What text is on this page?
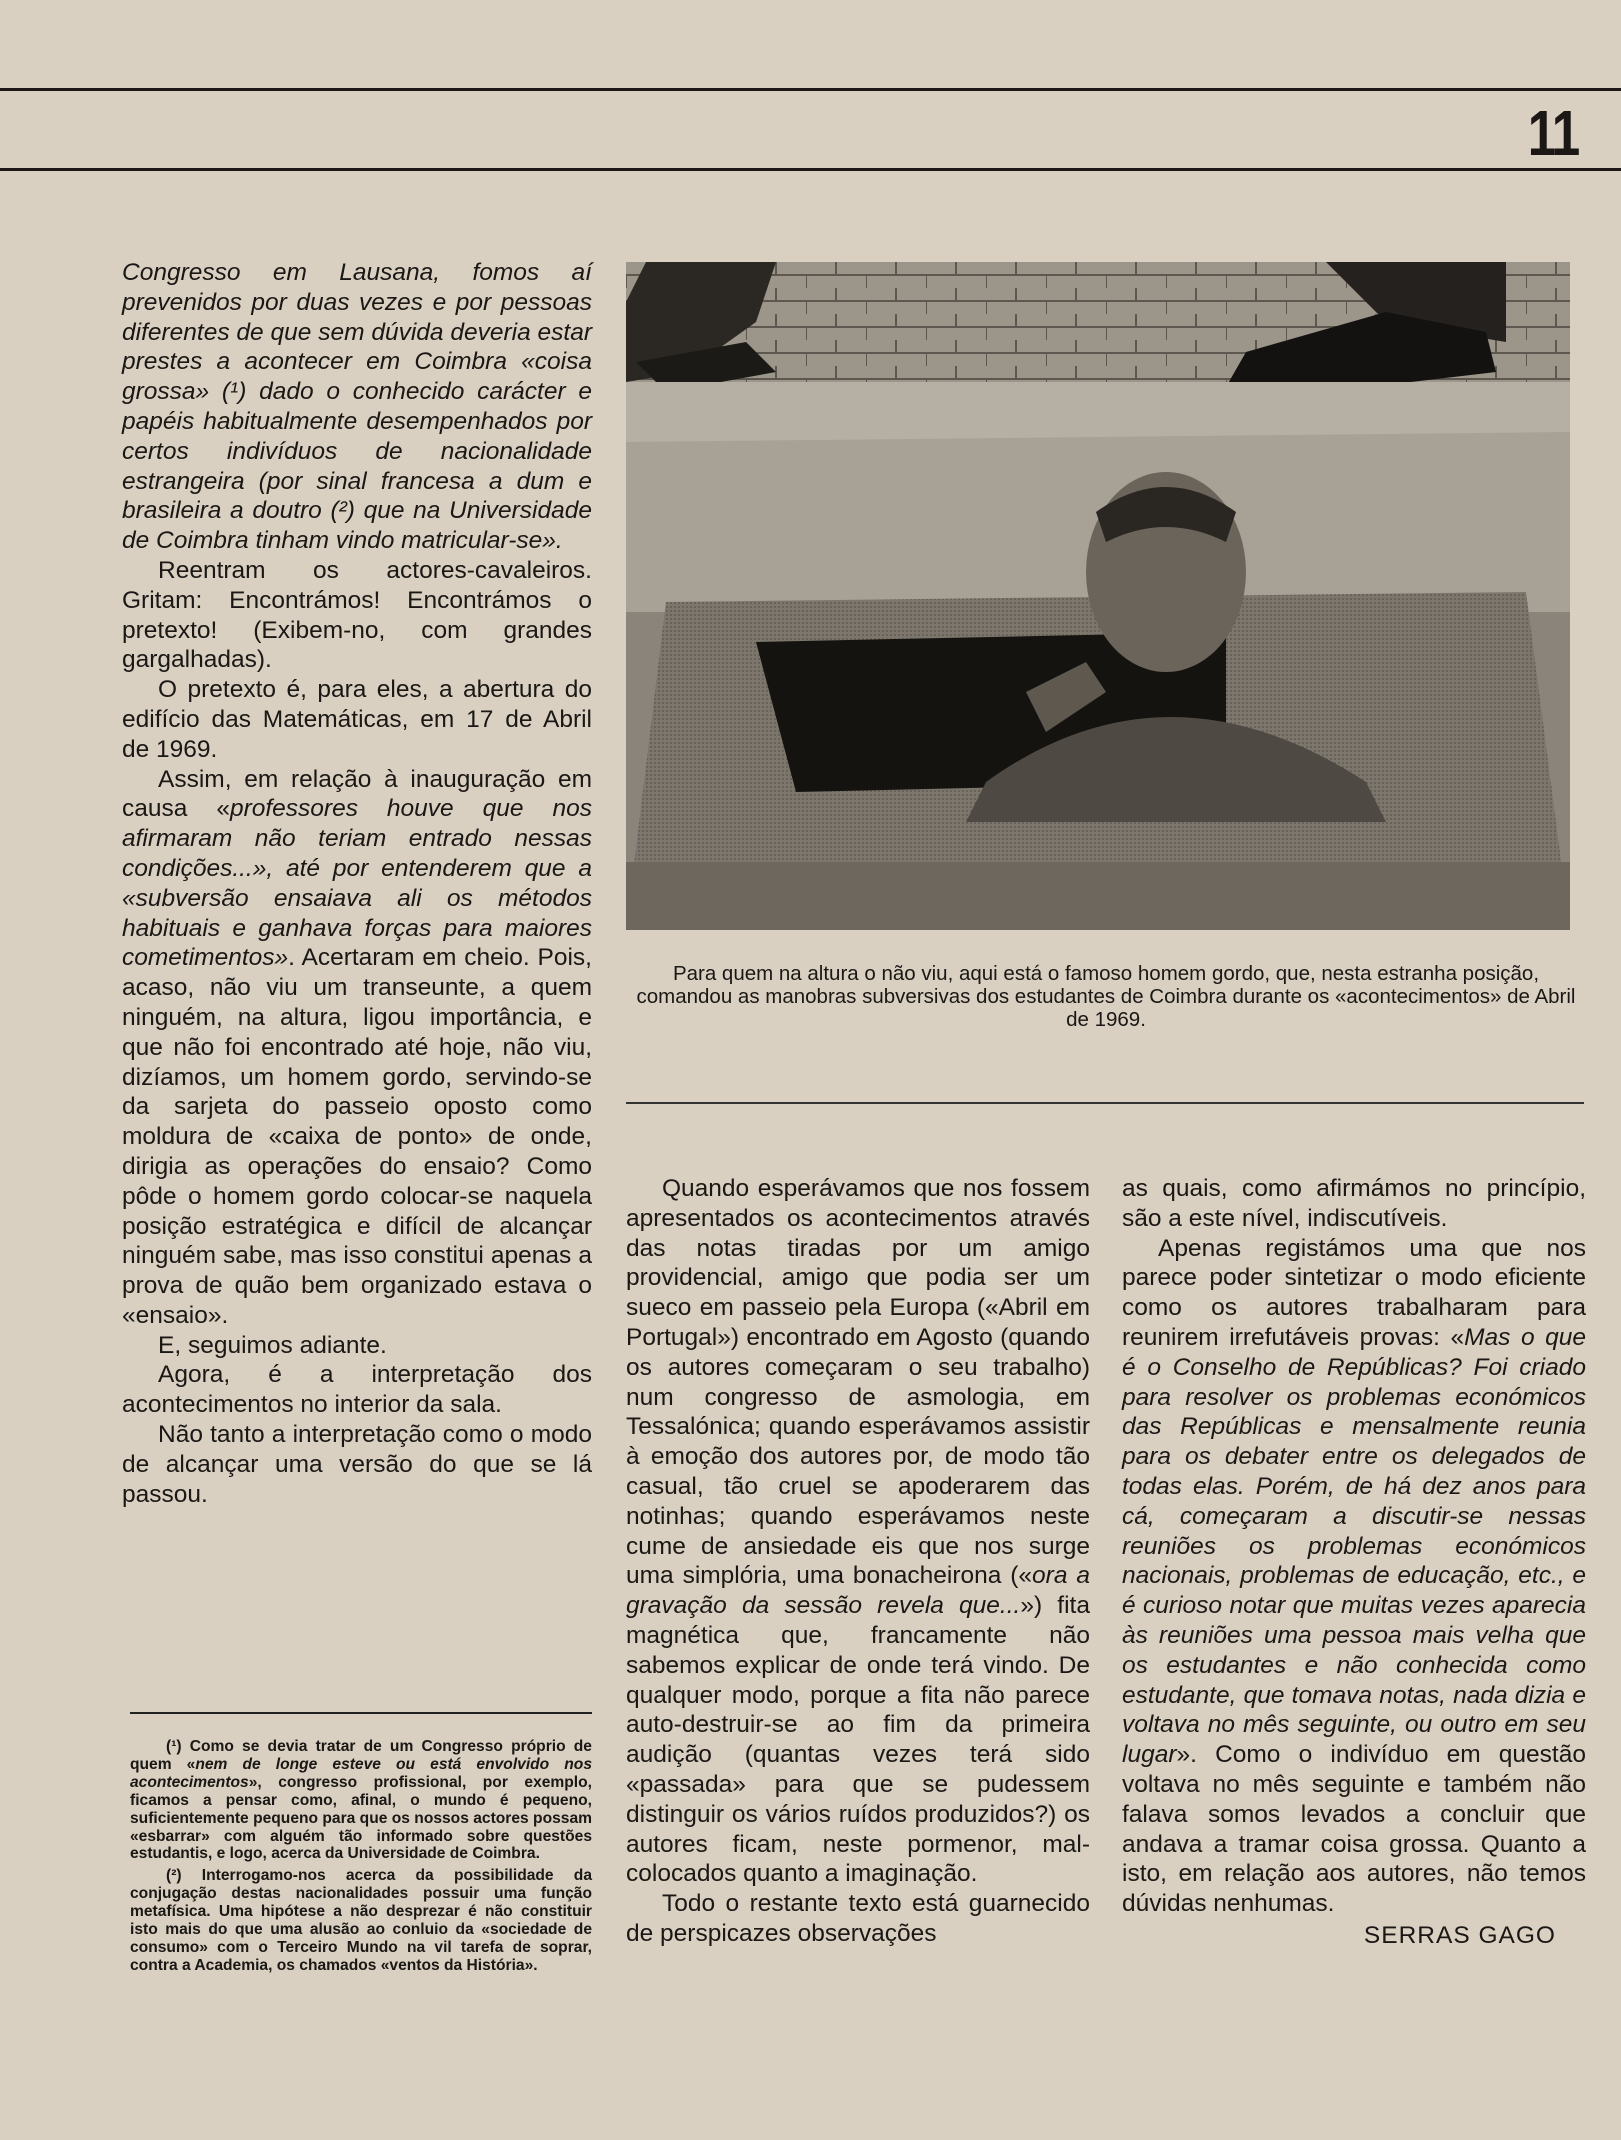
11

Congresso em Lausana, fomos aí prevenidos por duas vezes e por pessoas diferentes de que sem dúvida deveria estar prestes a acontecer em Coimbra «coisa grossa» (¹) dado o conhecido carácter e papéis habitualmente desempenhados por certos indivíduos de nacionalidade estrangeira (por sinal francesa a dum e brasileira a doutro (²) que na Universidade de Coimbra tinham vindo matricular-se».

Reentram os actores-cavaleiros. Gritam: Encontrámos! Encontrámos o pretexto! (Exibem-no, com grandes gargalhadas).

O pretexto é, para eles, a abertura do edifício das Matemáticas, em 17 de Abril de 1969.

Assim, em relação à inauguração em causa «professores houve que nos afirmaram não teriam entrado nessas condições...», até por entenderem que a «subversão ensaiava ali os métodos habituais e ganhava forças para maiores cometimentos». Acertaram em cheio. Pois, acaso, não viu um transeunte, a quem ninguém, na altura, ligou importância, e que não foi encontrado até hoje, não viu, dizíamos, um homem gordo, servindo-se da sarjeta do passeio oposto como moldura de «caixa de ponto» de onde, dirigia as operações do ensaio? Como pôde o homem gordo colocar-se naquela posição estratégica e difícil de alcançar ninguém sabe, mas isso constitui apenas a prova de quão bem organizado estava o «ensaio».

E, seguimos adiante.

Agora, é a interpretação dos acontecimentos no interior da sala.

Não tanto a interpretação como o modo de alcançar uma versão do que se lá passou.

(¹) Como se devia tratar de um Congresso próprio de quem «nem de longe esteve ou está envolvido nos acontecimentos», congresso profissional, por exemplo, ficamos a pensar como, afinal, o mundo é pequeno, suficientemente pequeno para que os nossos actores possam «esbarrar» com alguém tão informado sobre questões estudantis, e logo, acerca da Universidade de Coimbra.

(²) Interrogamo-nos acerca da possibilidade da conjugação destas nacionalidades possuir uma função metafísica. Uma hipótese a não desprezar é não constituir isto mais do que uma alusão ao conluio da «sociedade de consumo» com o Terceiro Mundo na vil tarefa de soprar, contra a Academia, os chamados «ventos da História».

Para quem na altura o não viu, aqui está o famoso homem gordo, que, nesta estranha posição, comandou as manobras subversivas dos estudantes de Coimbra durante os «acontecimentos» de Abril de 1969.

Quando esperávamos que nos fossem apresentados os acontecimentos através das notas tiradas por um amigo providencial, amigo que podia ser um sueco em passeio pela Europa («Abril em Portugal») encontrado em Agosto (quando os autores começaram o seu trabalho) num congresso de asmologia, em Tessalónica; quando esperávamos assistir à emoção dos autores por, de modo tão casual, tão cruel se apoderarem das notinhas; quando esperávamos neste cume de ansiedade eis que nos surge uma simplória, uma bonacheirona («ora a gravação da sessão revela que...») fita magnética que, francamente não sabemos explicar de onde terá vindo. De qualquer modo, porque a fita não parece auto-destruir-se ao fim da primeira audição (quantas vezes terá sido «passada» para que se pudessem distinguir os vários ruídos produzidos?) os autores ficam, neste pormenor, mal-colocados quanto a imaginação.

Todo o restante texto está guarnecido de perspicazes observações

as quais, como afirmámos no princípio, são a este nível, indiscutíveis.

Apenas registámos uma que nos parece poder sintetizar o modo eficiente como os autores trabalharam para reunirem irrefutáveis provas: «Mas o que é o Conselho de Repúblicas? Foi criado para resolver os problemas económicos das Repúblicas e mensalmente reunia para os debater entre os delegados de todas elas. Porém, de há dez anos para cá, começaram a discutir-se nessas reuniões os problemas económicos nacionais, problemas de educação, etc., e é curioso notar que muitas vezes aparecia às reuniões uma pessoa mais velha que os estudantes e não conhecida como estudante, que tomava notas, nada dizia e voltava no mês seguinte, ou outro em seu lugar». Como o indivíduo em questão voltava no mês seguinte e também não falava somos levados a concluir que andava a tramar coisa grossa. Quanto a isto, em relação aos autores, não temos dúvidas nenhumas.

SERRAS GAGO
